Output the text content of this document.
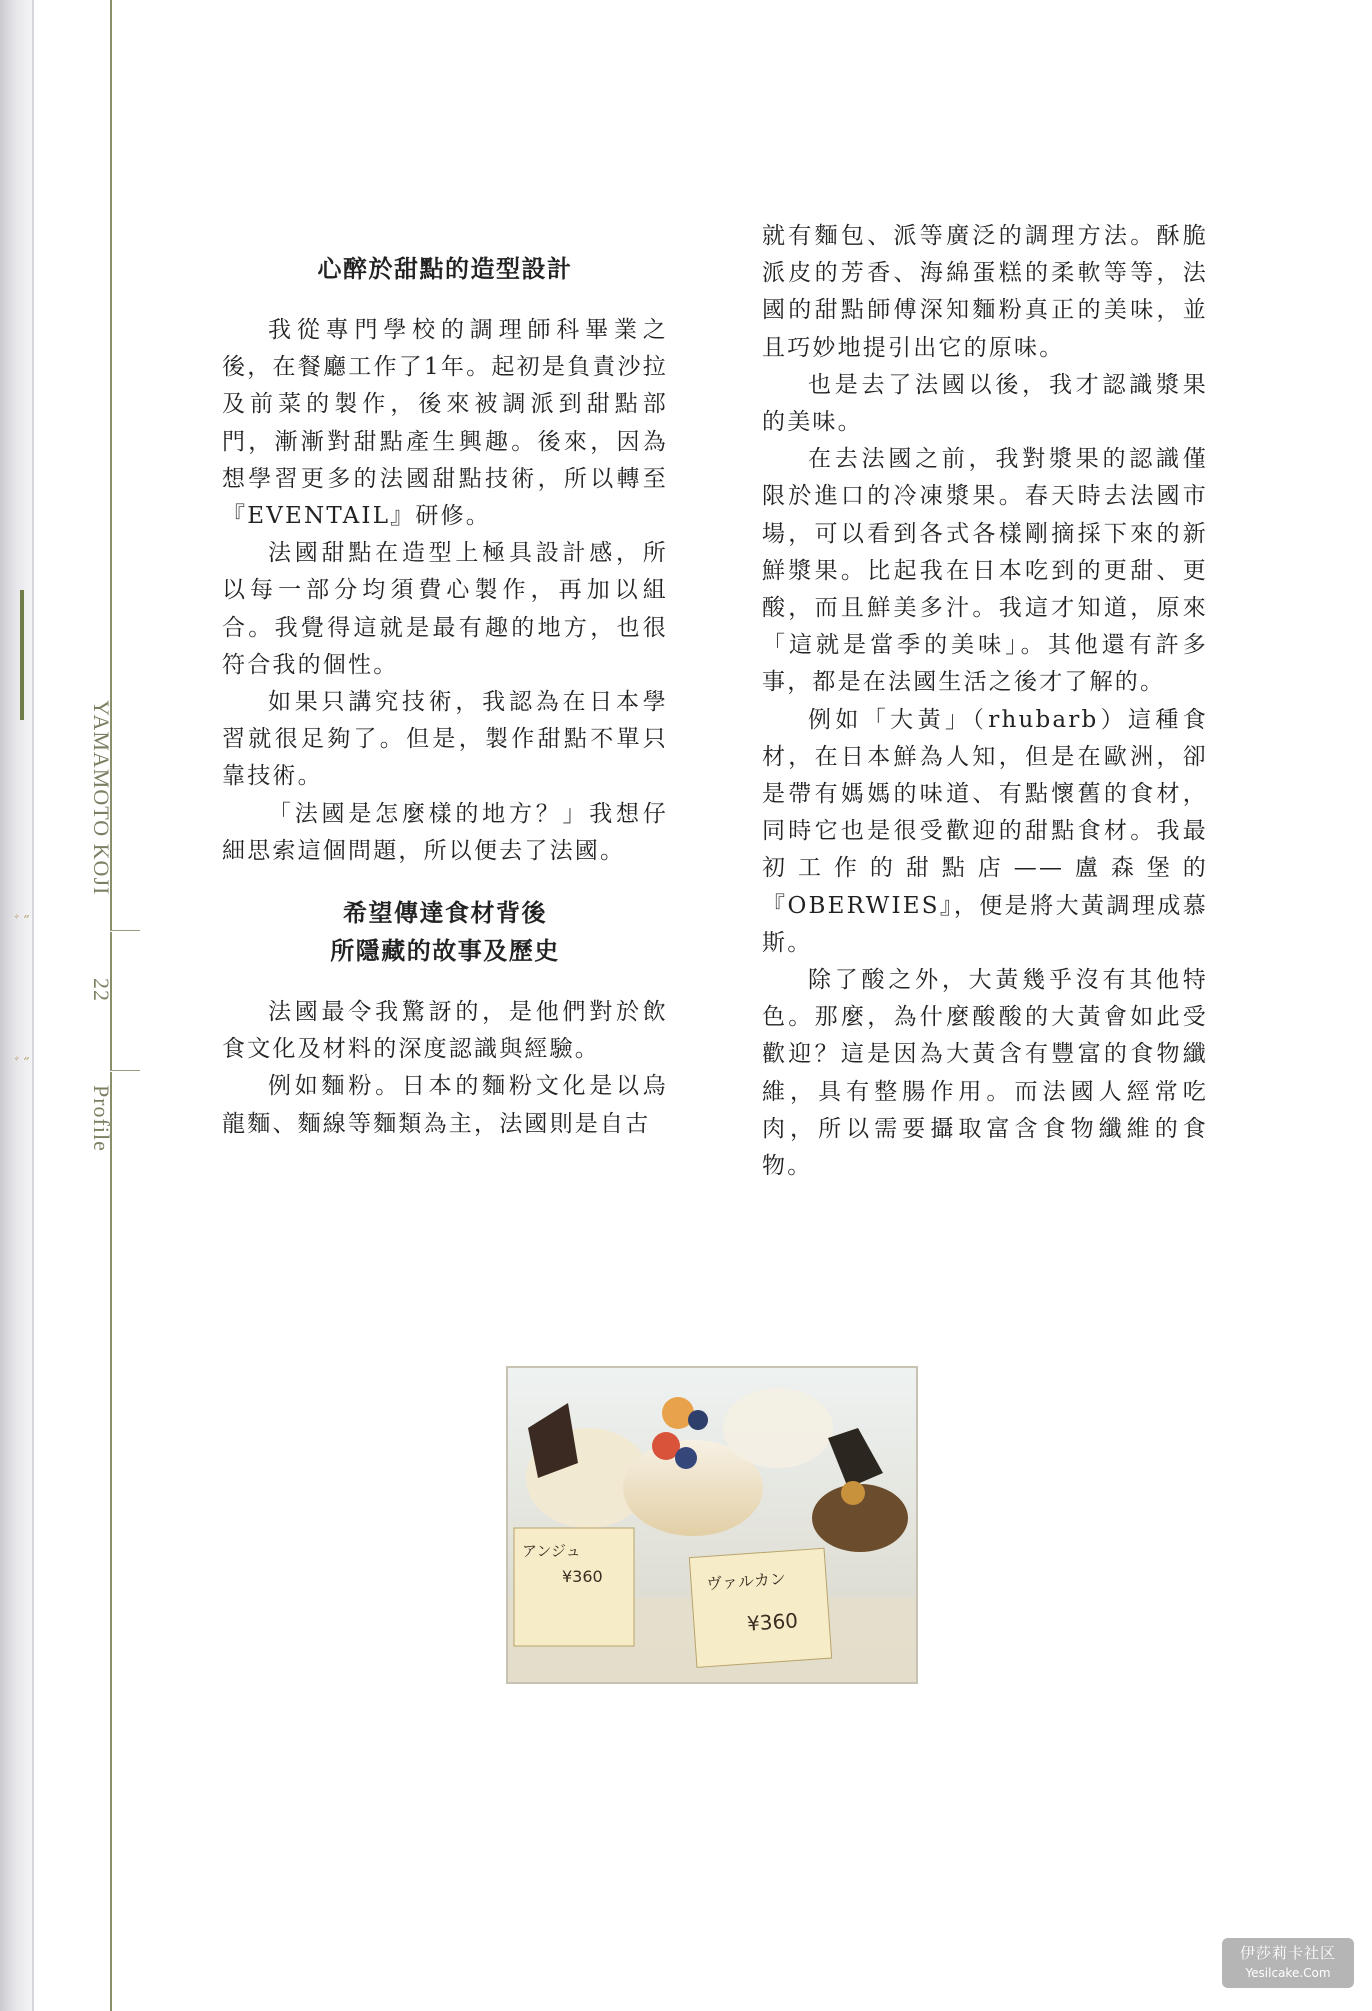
ﾞ˝
ﾞ˝
YAMAMOTO KOJI
22
Profile
心醉於甜點的造型設計

我從專門學校的調理師科畢業之後，在餐廳工作了1年。起初是負責沙拉及前菜的製作，後來被調派到甜點部門，漸漸對甜點產生興趣。後來，因為想學習更多的法國甜點技術，所以轉至『EVENTAIL』研修。

法國甜點在造型上極具設計感，所以每一部分均須費心製作，再加以組合。我覺得這就是最有趣的地方，也很符合我的個性。

如果只講究技術，我認為在日本學習就很足夠了。但是，製作甜點不單只靠技術。

「法國是怎麼樣的地方？」我想仔細思索這個問題，所以便去了法國。

希望傳達食材背後
所隱藏的故事及歷史

法國最令我驚訝的，是他們對於飲食文化及材料的深度認識與經驗。

例如麵粉。日本的麵粉文化是以烏龍麵、麵線等麵類為主，法國則是自古

就有麵包、派等廣泛的調理方法。酥脆派皮的芳香、海綿蛋糕的柔軟等等，法國的甜點師傅深知麵粉真正的美味，並且巧妙地提引出它的原味。

也是去了法國以後，我才認識漿果的美味。

在去法國之前，我對漿果的認識僅限於進口的冷凍漿果。春天時去法國市場，可以看到各式各樣剛摘採下來的新鮮漿果。比起我在日本吃到的更甜、更酸，而且鮮美多汁。我這才知道，原來「這就是當季的美味」。其他還有許多事，都是在法國生活之後才了解的。

例如「大黃」（rhubarb）這種食材，在日本鮮為人知，但是在歐洲，卻是帶有媽媽的味道、有點懷舊的食材，同時它也是很受歡迎的甜點食材。我最初工作的甜點店——盧森堡的『OBERWIES』，便是將大黃調理成慕斯。

除了酸之外，大黃幾乎沒有其他特色。那麼，為什麼酸酸的大黃會如此受歡迎？這是因為大黃含有豐富的食物纖維，具有整腸作用。而法國人經常吃肉，所以需要攝取富含食物纖維的食物。

アンジュ
¥360	ヴァルカン
¥360
伊莎莉卡社区
Yesilcake.Com
